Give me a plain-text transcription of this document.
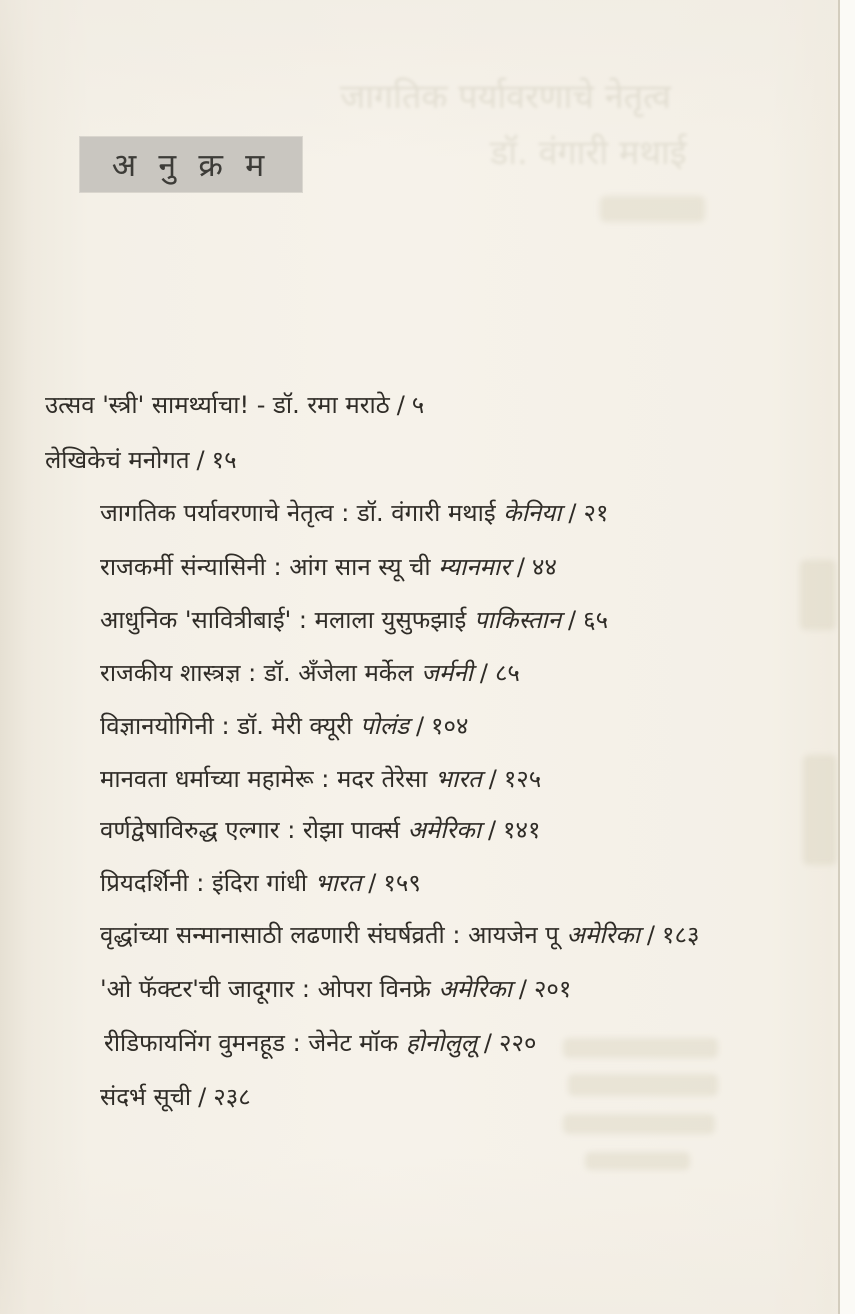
जागतिक पर्यावरणाचे नेतृत्व
डॉ. वंगारी मथाई
अ नु क्र म
उत्सव 'स्त्री' सामर्थ्याचा! - डॉ. रमा मराठे / ५
लेखिकेचं मनोगत / १५
जागतिक पर्यावरणाचे नेतृत्व : डॉ. वंगारी मथाई केनिया / २१
राजकर्मी संन्यासिनी : आंग सान स्यू ची म्यानमार / ४४
आधुनिक 'सावित्रीबाई' : मलाला युसुफझाई पाकिस्तान / ६५
राजकीय शास्त्रज्ञ : डॉ. अँजेला मर्केल जर्मनी / ८५
विज्ञानयोगिनी : डॉ. मेरी क्यूरी पोलंड / १०४
मानवता धर्माच्या महामेरू : मदर तेरेसा भारत / १२५
वर्णद्वेषाविरुद्ध एल्गार : रोझा पार्क्स अमेरिका / १४१
प्रियदर्शिनी : इंदिरा गांधी भारत / १५९
वृद्धांच्या सन्मानासाठी लढणारी संघर्षव्रती : आयजेन पू अमेरिका / १८३
'ओ फॅक्टर'ची जादूगार : ओपरा विनफ्रे अमेरिका / २०१
रीडिफायनिंग वुमनहूड : जेनेट मॉक होनोलुलू / २२०
संदर्भ सूची / २३८
